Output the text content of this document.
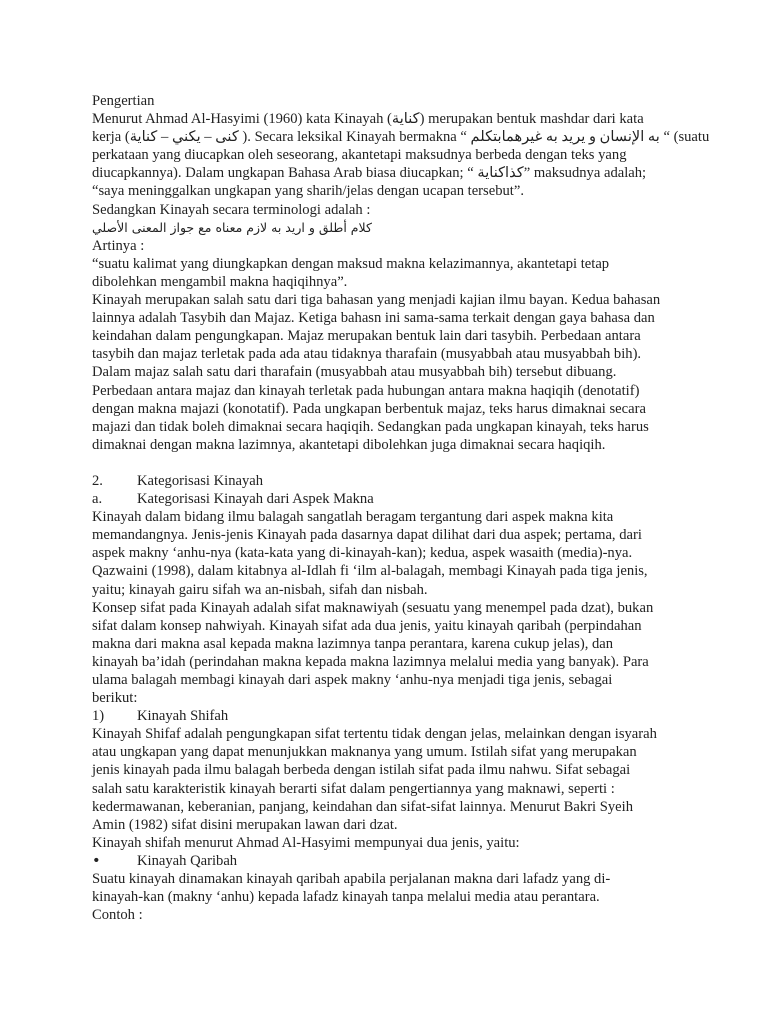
Pengertian
Menurut Ahmad Al-Hasyimi (1960) kata Kinayah (كناية) merupakan bentuk mashdar dari kata
kerja (كنى – يكني – كناية ). Secara leksikal Kinayah bermakna “ به الإنسان و يريد به غيرهمابتكلم “ (suatu
perkataan yang diucapkan oleh seseorang, akantetapi maksudnya berbeda dengan teks yang
diucapkannya). Dalam ungkapan Bahasa Arab biasa diucapkan; “ كذاكناية” maksudnya adalah;
“saya meninggalkan ungkapan yang sharih/jelas dengan ucapan tersebut”.
Sedangkan Kinayah secara terminologi adalah :
كلام أطلق و اريد به لازم معناه مع جواز المعنى الأصلي
Artinya :
“suatu kalimat yang diungkapkan dengan maksud makna kelazimannya, akantetapi tetap
dibolehkan mengambil makna haqiqihnya”.
Kinayah merupakan salah satu dari tiga bahasan yang menjadi kajian ilmu bayan. Kedua bahasan
lainnya adalah Tasybih dan Majaz. Ketiga bahasn ini sama-sama terkait dengan gaya bahasa dan
keindahan dalam pengungkapan. Majaz merupakan bentuk lain dari tasybih. Perbedaan antara
tasybih dan majaz terletak pada ada atau tidaknya tharafain (musyabbah atau musyabbah bih).
Dalam majaz salah satu dari tharafain (musyabbah atau musyabbah bih) tersebut dibuang.
Perbedaan antara majaz dan kinayah terletak pada hubungan antara makna haqiqih (denotatif)
dengan makna majazi (konotatif). Pada ungkapan berbentuk majaz, teks harus dimaknai secara
majazi dan tidak boleh dimaknai secara haqiqih. Sedangkan pada ungkapan kinayah, teks harus
dimaknai dengan makna lazimnya, akantetapi dibolehkan juga dimaknai secara haqiqih.
2.	Kategorisasi Kinayah
a.	Kategorisasi Kinayah dari Aspek Makna
Kinayah dalam bidang ilmu balagah sangatlah beragam tergantung dari aspek makna kita
memandangnya. Jenis-jenis Kinayah pada dasarnya dapat dilihat dari dua aspek; pertama, dari
aspek makny ‘anhu-nya (kata-kata yang di-kinayah-kan); kedua, aspek wasaith (media)-nya.
Qazwaini (1998), dalam kitabnya al-Idlah fi ‘ilm al-balagah, membagi Kinayah pada tiga jenis,
yaitu; kinayah gairu sifah wa an-nisbah, sifah dan nisbah.
Konsep sifat pada Kinayah adalah sifat maknawiyah (sesuatu yang menempel pada dzat), bukan
sifat dalam konsep nahwiyah. Kinayah sifat ada dua jenis, yaitu kinayah qaribah (perpindahan
makna dari makna asal kepada makna lazimnya tanpa perantara, karena cukup jelas), dan
kinayah ba’idah (perindahan makna kepada makna lazimnya melalui media yang banyak). Para
ulama balagah membagi kinayah dari aspek makny ‘anhu-nya menjadi tiga jenis, sebagai
berikut:
1)	Kinayah Shifah
Kinayah Shifaf adalah pengungkapan sifat tertentu tidak dengan jelas, melainkan dengan isyarah
atau ungkapan yang dapat menunjukkan maknanya yang umum. Istilah sifat yang merupakan
jenis kinayah pada ilmu balagah berbeda dengan istilah sifat pada ilmu nahwu. Sifat sebagai
salah satu karakteristik kinayah berarti sifat dalam pengertiannya yang maknawi, seperti :
kedermawanan, keberanian, panjang, keindahan dan sifat-sifat lainnya. Menurut Bakri Syeih
Amin (1982) sifat disini merupakan lawan dari dzat.
Kinayah shifah menurut Ahmad Al-Hasyimi mempunyai dua jenis, yaitu:
•	Kinayah Qaribah
Suatu kinayah dinamakan kinayah qaribah apabila perjalanan makna dari lafadz yang di-
kinayah-kan (makny ‘anhu) kepada lafadz kinayah tanpa melalui media atau perantara.
Contoh :
